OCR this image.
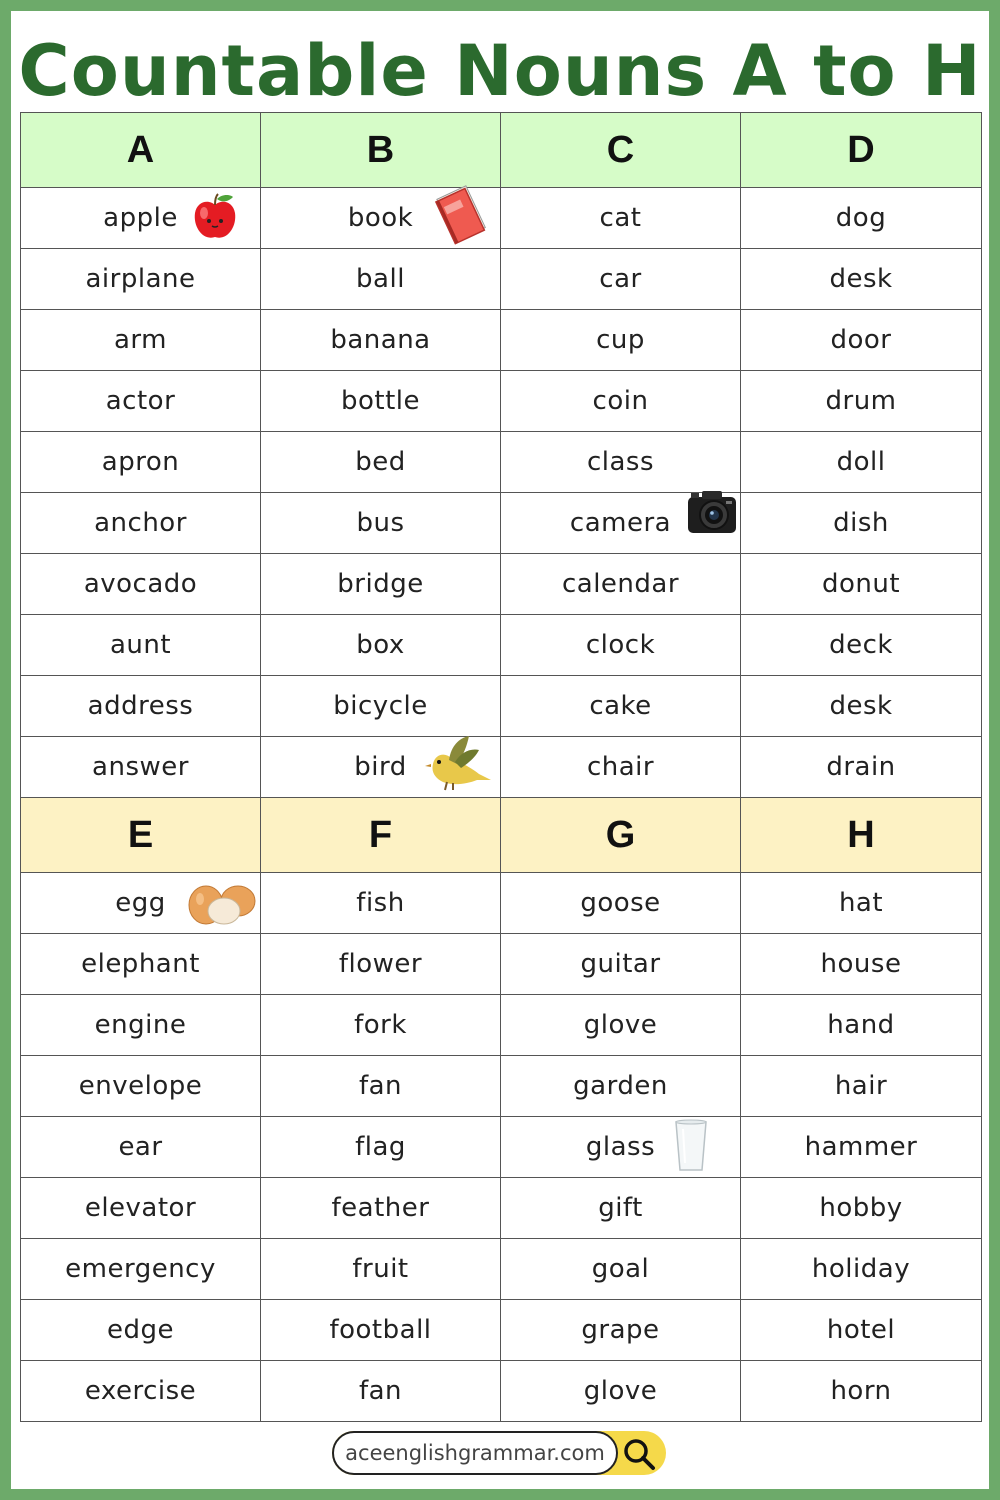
Countable Nouns A to H
A	B	C	D
apple	book	cat	dog
airplane	ball	car	desk
arm	banana	cup	door
actor	bottle	coin	drum
apron	bed	class	doll
anchor	bus	camera	dish
avocado	bridge	calendar	donut
aunt	box	clock	deck
address	bicycle	cake	desk
answer	bird	chair	drain
E	F	G	H
egg	fish	goose	hat
elephant	flower	guitar	house
engine	fork	glove	hand
envelope	fan	garden	hair
ear	flag	glass	hammer
elevator	feather	gift	hobby
emergency	fruit	goal	holiday
edge	football	grape	hotel
exercise	fan	glove	horn
aceenglishgrammar.com
